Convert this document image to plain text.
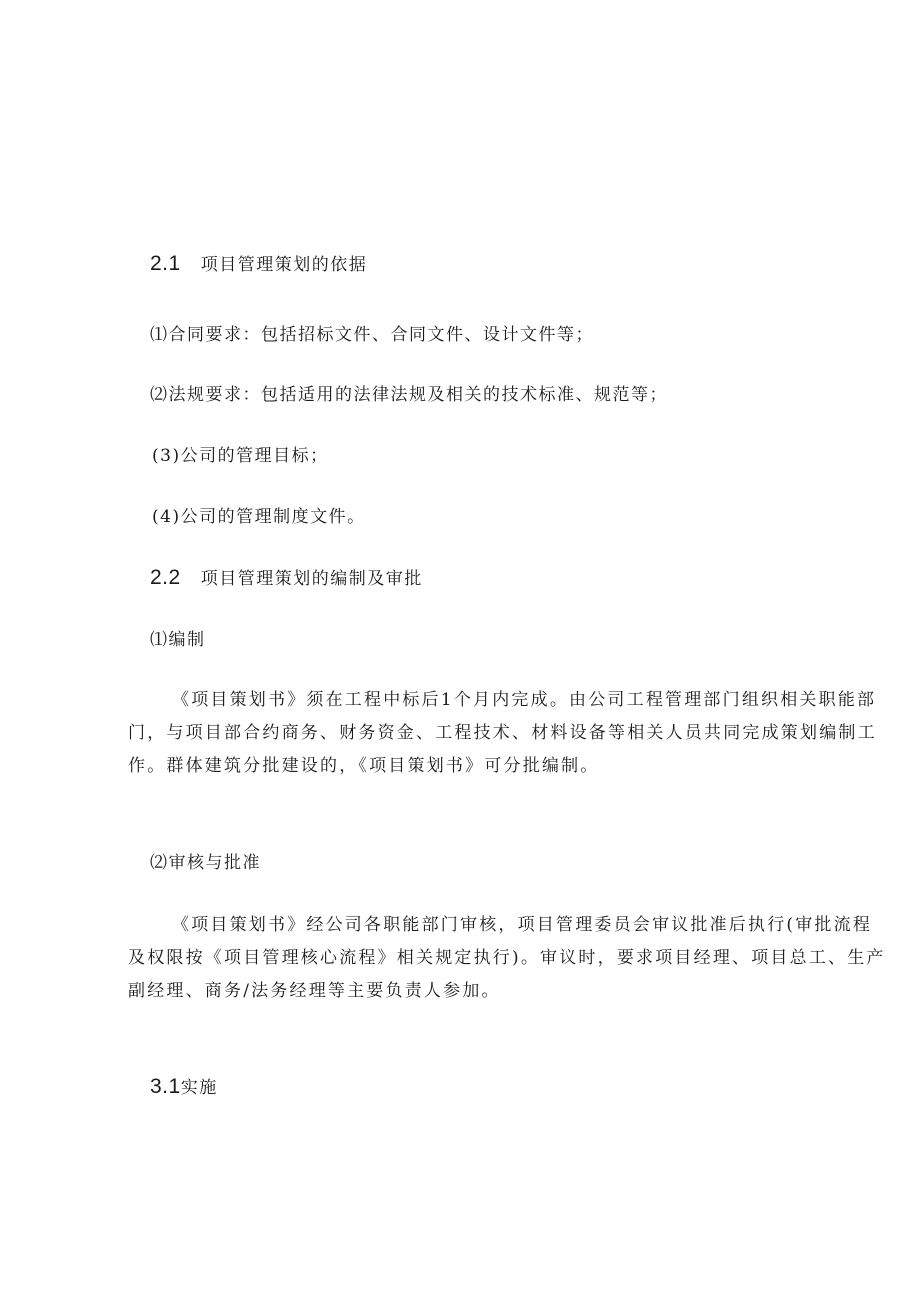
2.1 项目管理策划的依据
⑴合同要求：包括招标文件、合同文件、设计文件等；
⑵法规要求：包括适用的法律法规及相关的技术标准、规范等；
(3)公司的管理目标；
(4)公司的管理制度文件。
2.2 项目管理策划的编制及审批
⑴编制
《项目策划书》须在工程中标后1个月内完成。由公司工程管理部门组织相关职能部
门，与项目部合约商务、财务资金、工程技术、材料设备等相关人员共同完成策划编制工
作。群体建筑分批建设的，《项目策划书》可分批编制。
⑵审核与批准
《项目策划书》经公司各职能部门审核，项目管理委员会审议批准后执行(审批流程
及权限按《项目管理核心流程》相关规定执行)。审议时，要求项目经理、项目总工、生产
副经理、商务/法务经理等主要负责人参加。
3.1实施
